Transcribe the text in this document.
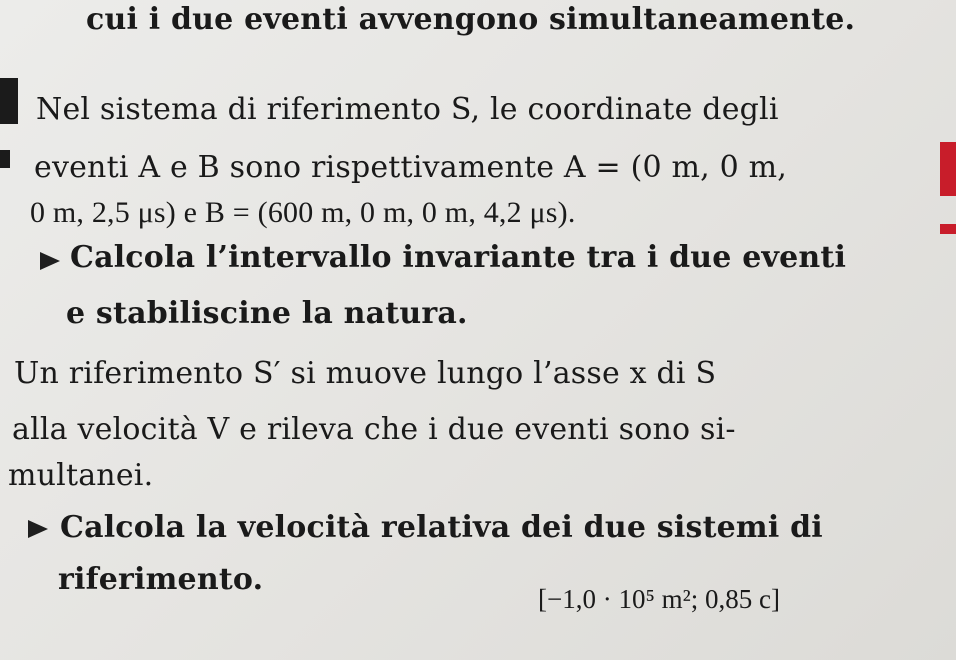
cui i due eventi avvengono simultaneamente.
Nel sistema di riferimento S, le coordinate degli
eventi A e B sono rispettivamente A = (0 m, 0 m,
0 m, 2,5 μs) e B = (600 m, 0 m, 0 m, 4,2 μs).
Calcola l’intervallo invariante tra i due eventi
e stabiliscine la natura.
Un riferimento S′ si muove lungo l’asse x di S
alla velocità V e rileva che i due eventi sono si-
multanei.
Calcola la velocità relativa dei due sistemi di
riferimento.
[−1,0 · 10⁵ m²; 0,85 c]
